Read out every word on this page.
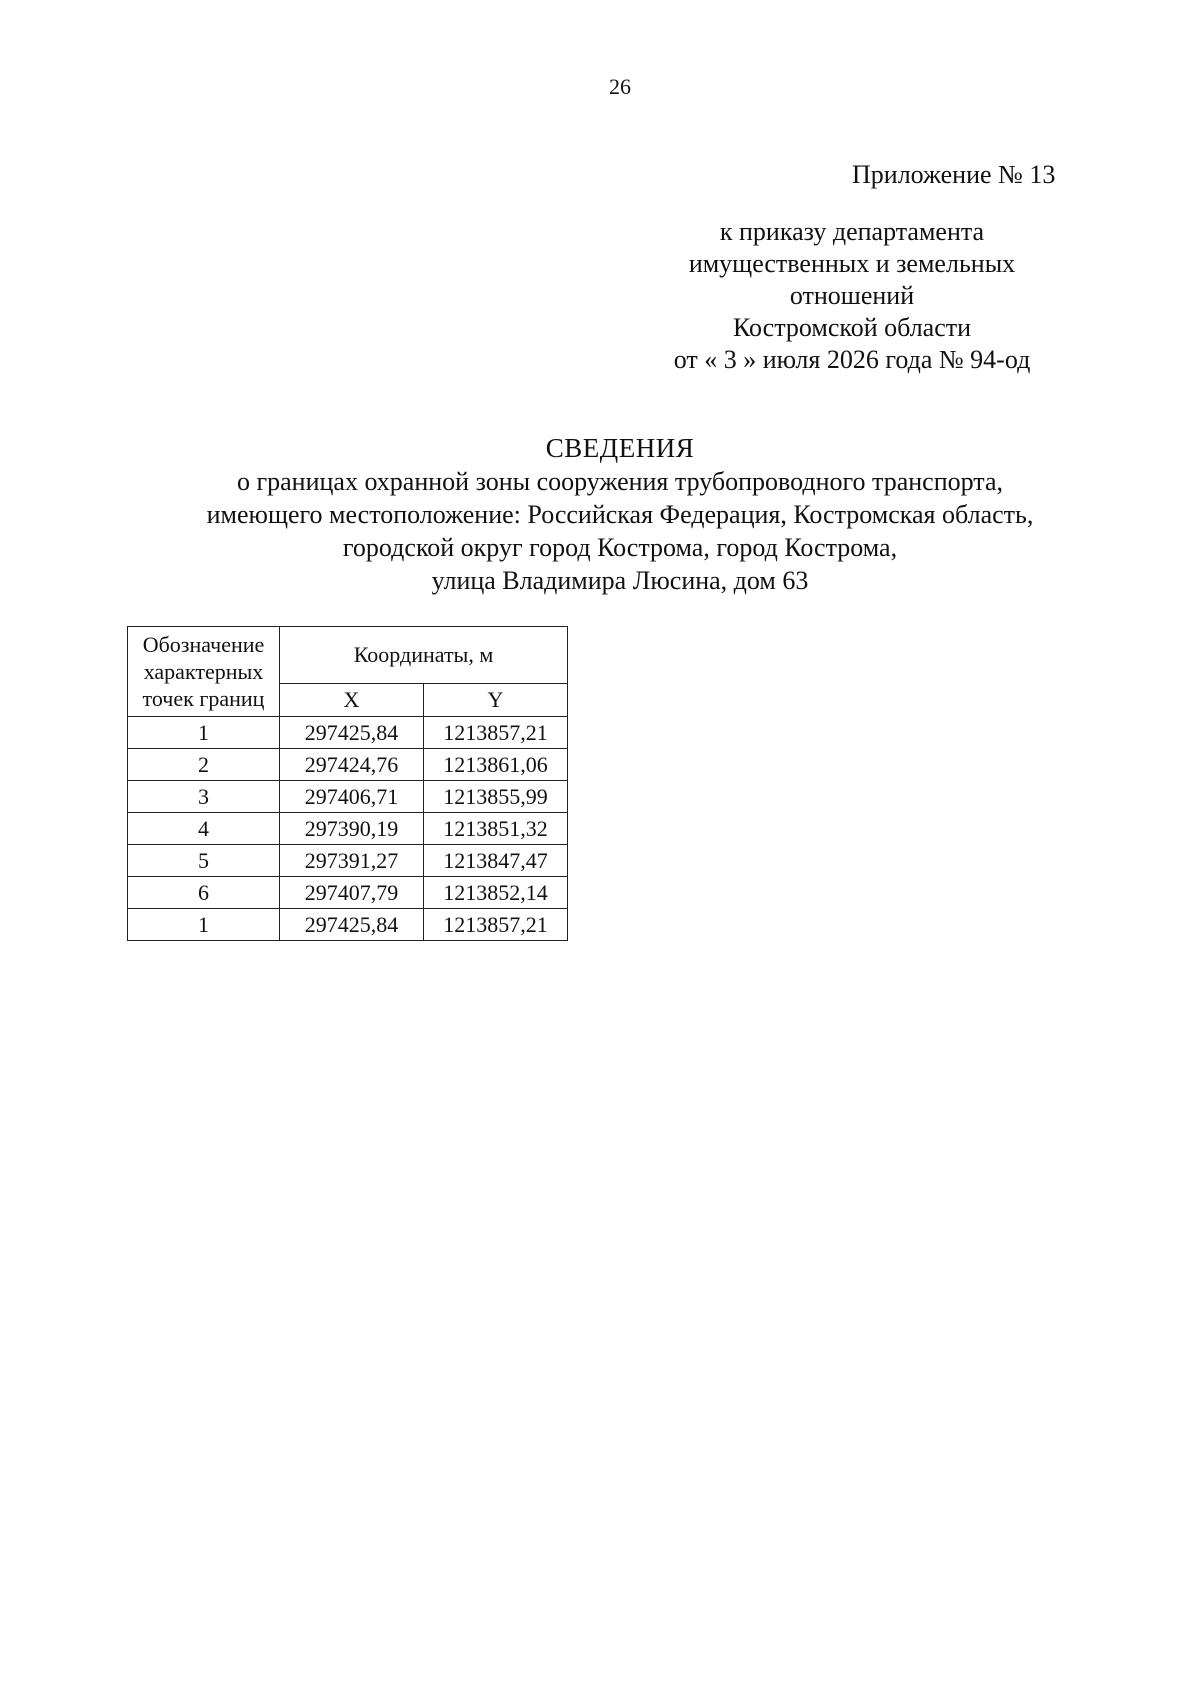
26
Приложение № 13
к приказу департамента
имущественных и земельных
отношений
Костромской области
от « 3 » июля 2026 года № 94-од
СВЕДЕНИЯ
о границах охранной зоны сооружения трубопроводного транспорта,
имеющего местоположение: Российская Федерация, Костромская область,
городской округ город Кострома, город Кострома,
улица Владимира Люсина, дом 63
Обозначение
характерных
точек границ	Координаты, м	
	X	Y
1	297425,84	1213857,21
2	297424,76	1213861,06
3	297406,71	1213855,99
4	297390,19	1213851,32
5	297391,27	1213847,47
6	297407,79	1213852,14
1	297425,84	1213857,21
